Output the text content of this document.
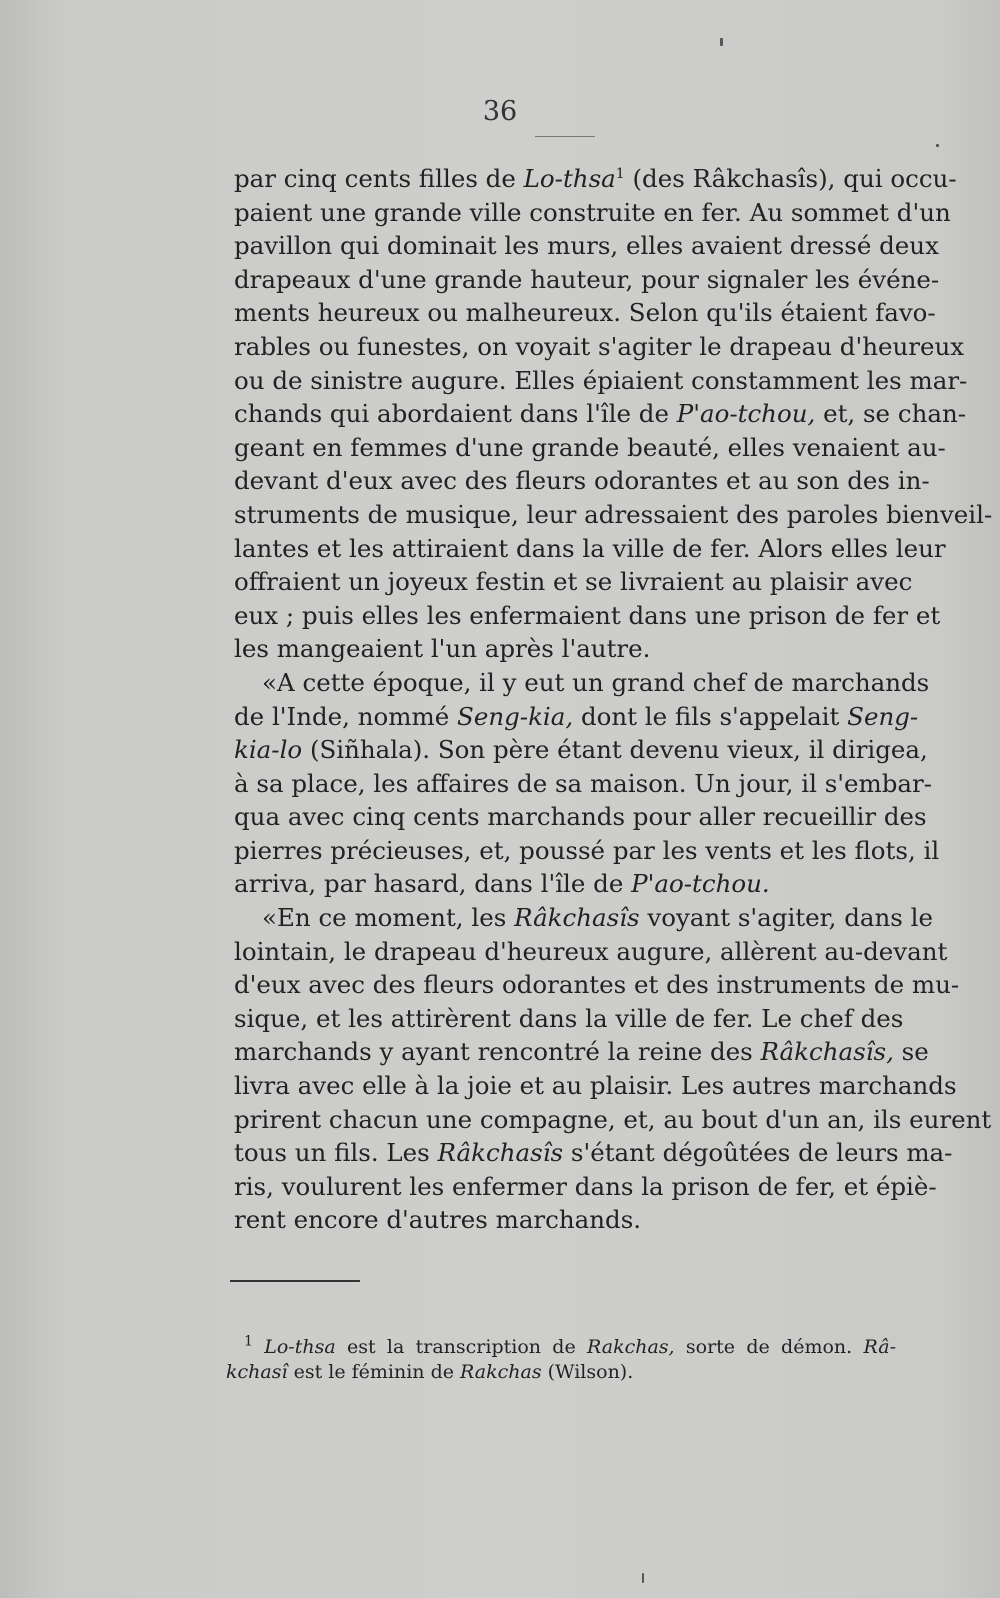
36
par cinq cents filles de Lo-thsa$^1$ (des Râkchasîs), qui occu-
paient une grande ville construite en fer. Au sommet d'un
pavillon qui dominait les murs, elles avaient dressé deux
drapeaux d'une grande hauteur, pour signaler les événe-
ments heureux ou malheureux. Selon qu'ils étaient favo-
rables ou funestes, on voyait s'agiter le drapeau d'heureux
ou de sinistre augure. Elles épiaient constamment les mar-
chands qui abordaient dans l'île de P'ao-tchou, et, se chan-
geant en femmes d'une grande beauté, elles venaient au-
devant d'eux avec des fleurs odorantes et au son des in-
struments de musique, leur adressaient des paroles bienveil-
lantes et les attiraient dans la ville de fer. Alors elles leur
offraient un joyeux festin et se livraient au plaisir avec
eux ; puis elles les enfermaient dans une prison de fer et
les mangeaient l'un après l'autre.
«A cette époque, il y eut un grand chef de marchands
de l'Inde, nommé Seng-kia, dont le fils s'appelait Seng-
kia-lo (Siñhala). Son père étant devenu vieux, il dirigea,
à sa place, les affaires de sa maison. Un jour, il s'embar-
qua avec cinq cents marchands pour aller recueillir des
pierres précieuses, et, poussé par les vents et les flots, il
arriva, par hasard, dans l'île de P'ao-tchou.
«En ce moment, les Râkchasîs voyant s'agiter, dans le
lointain, le drapeau d'heureux augure, allèrent au-devant
d'eux avec des fleurs odorantes et des instruments de mu-
sique, et les attirèrent dans la ville de fer. Le chef des
marchands y ayant rencontré la reine des Râkchasîs, se
livra avec elle à la joie et au plaisir. Les autres marchands
prirent chacun une compagne, et, au bout d'un an, ils eurent
tous un fils. Les Râkchasîs s'étant dégoûtées de leurs ma-
ris, voulurent les enfermer dans la prison de fer, et épiè-
rent encore d'autres marchands.
$^1$ Lo-thsa est la transcription de Rakchas, sorte de démon. Râ-
kchasî est le féminin de Rakchas (Wilson).
